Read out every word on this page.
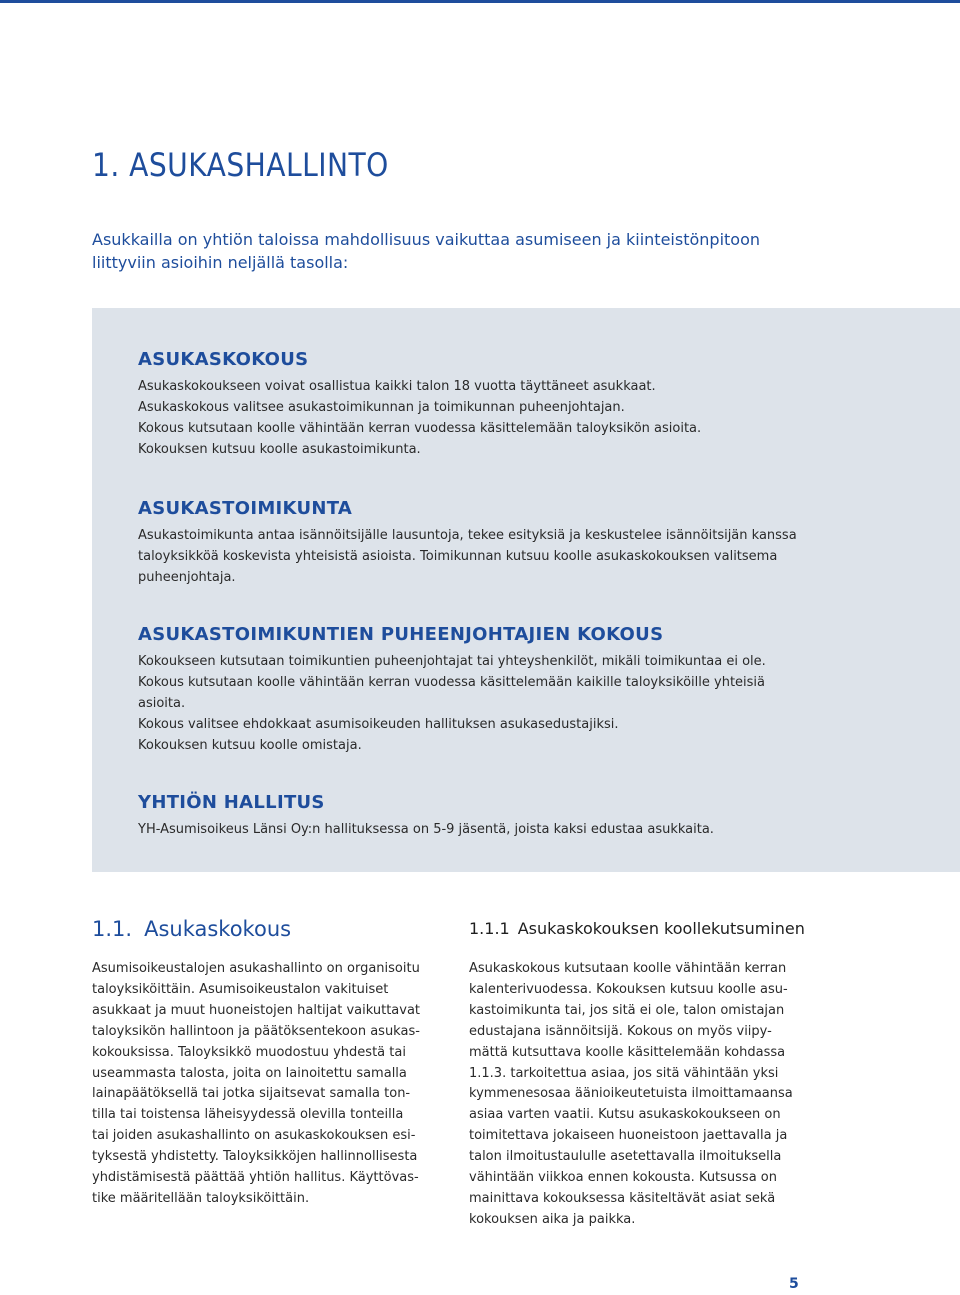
1. ASUKASHALLINTO
Asukkailla on yhtiön taloissa mahdollisuus vaikuttaa asumiseen ja kiinteistönpitoon
liittyviin asioihin neljällä tasolla:
ASUKASKOKOUS

Asukaskokoukseen voivat osallistua kaikki talon 18 vuotta täyttäneet asukkaat.

Asukaskokous valitsee asukastoimikunnan ja toimikunnan puheenjohtajan.

Kokous kutsutaan koolle vähintään kerran vuodessa käsittelemään taloyksikön asioita.

Kokouksen kutsuu koolle asukastoimikunta.

ASUKASTOIMIKUNTA

Asukastoimikunta antaa isännöitsijälle lausuntoja, tekee esityksiä ja keskustelee isännöitsijän kanssa

taloyksikköä koskevista yhteisistä asioista. Toimikunnan kutsuu koolle asukaskokouksen valitsema

puheenjohtaja.

ASUKASTOIMIKUNTIEN PUHEENJOHTAJIEN KOKOUS

Kokoukseen kutsutaan toimikuntien puheenjohtajat tai yhteyshenkilöt, mikäli toimikuntaa ei ole.

Kokous kutsutaan koolle vähintään kerran vuodessa käsittelemään kaikille taloyksiköille yhteisiä

asioita.

Kokous valitsee ehdokkaat asumisoikeuden hallituksen asukasedustajiksi.

Kokouksen kutsuu koolle omistaja.

YHTIÖN HALLITUS

YH-Asumisoikeus Länsi Oy:n hallituksessa on 5-9 jäsentä, joista kaksi edustaa asukkaita.

1.1. Asukaskokous
Asumisoikeustalojen asukashallinto on organisoitu
taloyksiköittäin. Asumisoikeustalon vakituiset
asukkaat ja muut huoneistojen haltijat vaikuttavat
taloyksikön hallintoon ja päätöksentekoon asukas-
kokouksissa. Taloyksikkö muodostuu yhdestä tai
useammasta talosta, joita on lainoitettu samalla
lainapäätöksellä tai jotka sijaitsevat samalla ton-
tilla tai toistensa läheisyydessä olevilla tonteilla
tai joiden asukashallinto on asukaskokouksen esi-
tyksestä yhdistetty. Taloyksikköjen hallinnollisesta
yhdistämisestä päättää yhtiön hallitus. Käyttövas-
tike määritellään taloyksiköittäin.
1.1.1 Asukaskokouksen koollekutsuminen
Asukaskokous kutsutaan koolle vähintään kerran
kalenterivuodessa. Kokouksen kutsuu koolle asu-
kastoimikunta tai, jos sitä ei ole, talon omistajan
edustajana isännöitsijä. Kokous on myös viipy-
mättä kutsuttava koolle käsittelemään kohdassa
1.1.3. tarkoitettua asiaa, jos sitä vähintään yksi
kymmenesosaa äänioikeutetuista ilmoittamaansa
asiaa varten vaatii. Kutsu asukaskokoukseen on
toimitettava jokaiseen huoneistoon jaettavalla ja
talon ilmoitustaululle asetettavalla ilmoituksella
vähintään viikkoa ennen kokousta. Kutsussa on
mainittava kokouksessa käsiteltävät asiat sekä
kokouksen aika ja paikka.
5
